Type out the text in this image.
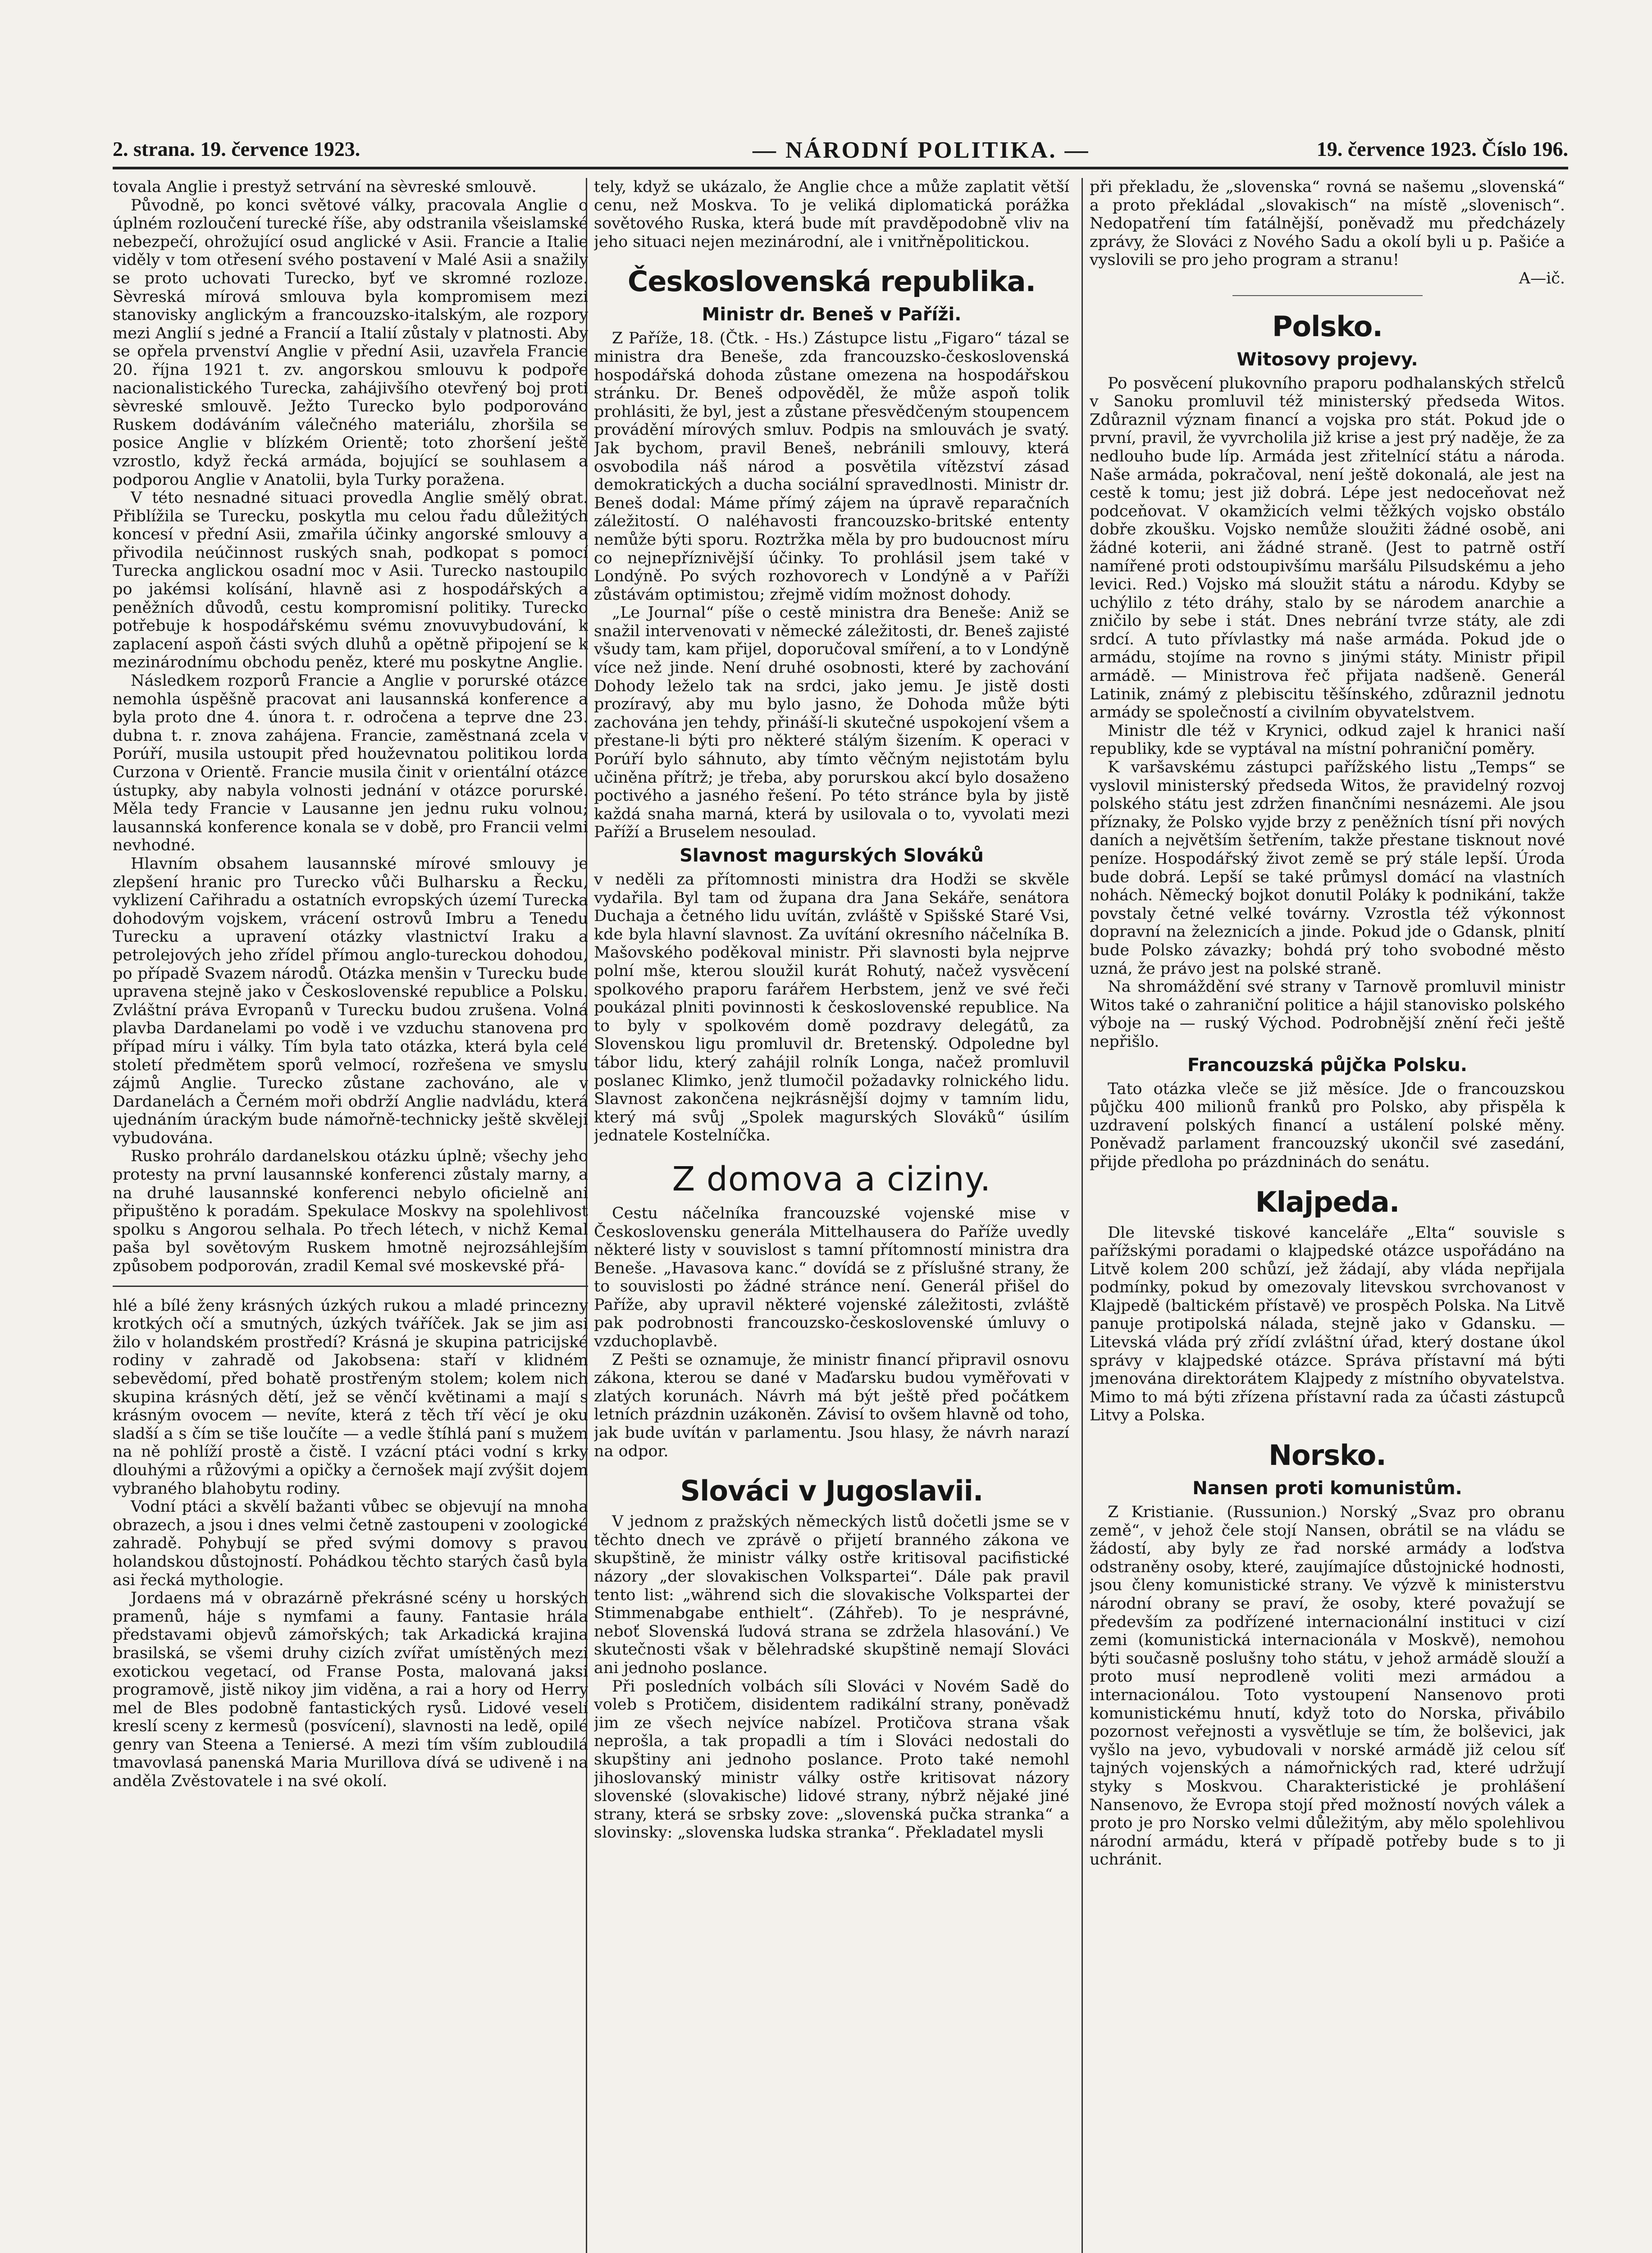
2. strana. 19. července 1923.	— NÁRODNÍ POLITIKA. —	19. července 1923. Číslo 196.

tovala Anglie i prestyž setrvání na sèvreské smlouvě.

Původně, po konci světové války, pracovala Anglie o úplném rozloučení turecké říše, aby odstranila všeislamské nebezpečí, ohrožující osud anglické v Asii. Francie a Italie viděly v tom otřesení svého postavení v Malé Asii a snažily se proto uchovati Turecko, byť ve skromné rozloze. Sèvreská mírová smlouva byla kompromisem mezi stanovisky anglickým a francouzsko-italským, ale rozpory mezi Anglií s jedné a Francií a Italií zůstaly v platnosti. Aby se opřela prvenství Anglie v přední Asii, uzavřela Francie 20. října 1921 t. zv. angorskou smlouvu k podpoře nacionalistického Turecka, zahájivšího otevřený boj proti sèvreské smlouvě. Ježto Turecko bylo podporováno Ruskem dodáváním válečného materiálu, zhoršila se posice Anglie v blízkém Orientě; toto zhoršení ještě vzrostlo, když řecká armáda, bojující se souhlasem a podporou Anglie v Anatolii, byla Turky poražena.

V této nesnadné situaci provedla Anglie smělý obrat. Přiblížila se Turecku, poskytla mu celou řadu důležitých koncesí v přední Asii, zmařila účinky angorské smlouvy a přivodila neúčinnost ruských snah, podkopat s pomocí Turecka anglickou osadní moc v Asii. Turecko nastoupilo po jakémsi kolísání, hlavně asi z hospodářských a peněžních důvodů, cestu kompromisní politiky. Turecko potřebuje k hospodářskému svému znovuvybudování, k zaplacení aspoň části svých dluhů a opětně připojení se k mezinárodnímu obchodu peněz, které mu poskytne Anglie.

Následkem rozporů Francie a Anglie v porurské otázce nemohla úspěšně pracovat ani lausannská konference a byla proto dne 4. února t. r. odročena a teprve dne 23. dubna t. r. znova zahájena. Francie, zaměstnaná zcela v Porúří, musila ustoupit před houževnatou politikou lorda Curzona v Orientě. Francie musila činit v orientální otázce ústupky, aby nabyla volnosti jednání v otázce porurské. Měla tedy Francie v Lausanne jen jednu ruku volnou; lausannská konference konala se v době, pro Francii velmi nevhodné.

Hlavním obsahem lausannské mírové smlouvy je zlepšení hranic pro Turecko vůči Bulharsku a Řecku, vyklizení Cařihradu a ostatních evropských území Turecka dohodovým vojskem, vrácení ostrovů Imbru a Tenedu Turecku a upravení otázky vlastnictví Iraku a petrolejových jeho zřídel přímou anglo-tureckou dohodou, po případě Svazem národů. Otázka menšin v Turecku bude upravena stejně jako v Československé republice a Polsku. Zvláštní práva Evropanů v Turecku budou zrušena. Volná plavba Dardanelami po vodě i ve vzduchu stanovena pro případ míru i války. Tím byla tato otázka, která byla celé století předmětem sporů velmocí, rozřešena ve smyslu zájmů Anglie. Turecko zůstane zachováno, ale v Dardanelách a Černém moři obdrží Anglie nadvládu, která ujednáním úrackým bude námořně-technicky ještě skvěleji vybudována.

Rusko prohrálo dardanelskou otázku úplně; všechy jeho protesty na první lausannské konferenci zůstaly marny, a na druhé lausannské konferenci nebylo oficielně ani připuštěno k poradám. Spekulace Moskvy na spolehlivost spolku s Angorou selhala. Po třech létech, v nichž Kemal paša byl sovětovým Ruskem hmotně nejrozsáhlejším způsobem podporován, zradil Kemal své moskevské přá-

hlé a bílé ženy krásných úzkých rukou a mladé princezny krotkých očí a smutných, úzkých tváříček. Jak se jim asi žilo v holandském prostředí? Krásná je skupina patricijské rodiny v zahradě od Jakobsena: staří v klidném sebevědomí, před bohatě prostřeným stolem; kolem nich skupina krásných dětí, jež se věnčí květinami a mají s krásným ovocem — nevíte, která z těch tří věcí je oku sladší a s čím se tiše loučíte — a vedle štíhlá paní s mužem na ně pohlíží prostě a čistě. I vzácní ptáci vodní s krky dlouhými a růžovými a opičky a černošek mají zvýšit dojem vybraného blahobytu rodiny.

Vodní ptáci a skvělí bažanti vůbec se objevují na mnoha obrazech, a jsou i dnes velmi četně zastoupeni v zoologické zahradě. Pohybují se před svými domovy s pravou holandskou důstojností. Pohádkou těchto starých časů byla asi řecká mythologie.

Jordaens má v obrazárně překrásné scény u horských pramenů, háje s nymfami a fauny. Fantasie hrála představami objevů zámořských; tak Arkadická krajina brasilská, se všemi druhy cizích zvířat umístěných mezi exotickou vegetací, od Franse Posta, malovaná jaksi programově, jistě nikoy jim viděna, a rai a hory od Herry mel de Bles podobně fantastických rysů. Lidové veselí kreslí sceny z kermesů (posvícení), slavnosti na ledě, opilé genry van Steena a Teniersé. A mezi tím vším zubloudilá tmavovlasá panenská Maria Murillova dívá se udiveně i na anděla Zvěstovatele i na své okolí.

tely, když se ukázalo, že Anglie chce a může zaplatit větší cenu, než Moskva. To je veliká diplomatická porážka sovětového Ruska, která bude mít pravděpodobně vliv na jeho situaci nejen mezinárodní, ale i vnitřněpolitickou.

Československá republika.
Ministr dr. Beneš v Paříži.

Z Paříže, 18. (Čtk. - Hs.) Zástupce listu „Figaro“ tázal se ministra dra Beneše, zda francouzsko-československá hospodářská dohoda zůstane omezena na hospodářskou stránku. Dr. Beneš odpověděl, že může aspoň tolik prohlásiti, že byl, jest a zůstane přesvědčeným stoupencem provádění mírových smluv. Podpis na smlouvách je svatý. Jak bychom, pravil Beneš, nebránili smlouvy, která osvobodila náš národ a posvětila vítězství zásad demokratických a ducha sociální spravedlnosti. Ministr dr. Beneš dodal: Máme přímý zájem na úpravě reparačních záležitostí. O naléhavosti francouzsko-britské ententy nemůže býti sporu. Roztržka měla by pro budoucnost míru co nejnepříznivější účinky. To prohlásil jsem také v Londýně. Po svých rozhovorech v Londýně a v Paříži zůstávám optimistou; zřejmě vidím možnost dohody.

„Le Journal“ píše o cestě ministra dra Beneše: Aniž se snažil intervenovati v německé záležitosti, dr. Beneš zajisté všudy tam, kam přijel, doporučoval smíření, a to v Londýně více než jinde. Není druhé osobnosti, které by zachování Dohody leželo tak na srdci, jako jemu. Je jistě dosti prozíravý, aby mu bylo jasno, že Dohoda může býti zachována jen tehdy, přináší-li skutečné uspokojení všem a přestane-li býti pro některé stálým šizením. K operaci v Porúří bylo sáhnuto, aby tímto věčným nejistotám bylu učiněna přítrž; je třeba, aby porurskou akcí bylo dosaženo poctivého a jasného řešení. Po této stránce byla by jistě každá snaha marná, která by usilovala o to, vyvolati mezi Paříží a Bruselem nesoulad.

Slavnost magurských Slováků

v neděli za přítomnosti ministra dra Hodži se skvěle vydařila. Byl tam od župana dra Jana Sekáře, senátora Duchaja a četného lidu uvítán, zvláště v Spišské Staré Vsi, kde byla hlavní slavnost. Za uvítání okresního náčelníka B. Mašovského poděkoval ministr. Při slavnosti byla nejprve polní mše, kterou sloužil kurát Rohutý, načež vysvěcení spolkového praporu farářem Herbstem, jenž ve své řeči poukázal plniti povinnosti k československé republice. Na to byly v spolkovém domě pozdravy delegátů, za Slovenskou ligu promluvil dr. Bretenský. Odpoledne byl tábor lidu, který zahájil rolník Longa, načež promluvil poslanec Klimko, jenž tlumočil požadavky rolnického lidu. Slavnost zakončena nejkrásnější dojmy v tamním lidu, který má svůj „Spolek magurských Slováků“ úsilím jednatele Kostelníčka.

Z domova a ciziny.

Cestu náčelníka francouzské vojenské mise v Československu generála Mittelhausera do Paříže uvedly některé listy v souvislost s tamní přítomností ministra dra Beneše. „Havasova kanc.“ dovídá se z příslušné strany, že to souvislosti po žádné stránce není. Generál přišel do Paříže, aby upravil některé vojenské záležitosti, zvláště pak podrobnosti francouzsko-československé úmluvy o vzduchoplavbě.

Z Pešti se oznamuje, že ministr financí připravil osnovu zákona, kterou se dané v Maďarsku budou vyměřovati v zlatých korunách. Návrh má být ještě před počátkem letních prázdnin uzákoněn. Závisí to ovšem hlavně od toho, jak bude uvítán v parlamentu. Jsou hlasy, že návrh narazí na odpor.

Slováci v Jugoslavii.

V jednom z pražských německých listů dočetli jsme se v těchto dnech ve zprávě o přijetí branného zákona ve skupštině, že ministr války ostře kritisoval pacifistické názory „der slovakischen Volkspartei“. Dále pak pravil tento list: „während sich die slovakische Volkspartei der Stimmenabgabe enthielt“. (Záhřeb). To je nesprávné, neboť Slovenská ľudová strana se zdržela hlasování.) Ve skutečnosti však v bělehradské skupštině nemají Slováci ani jednoho poslance.

Při posledních volbách síli Slováci v Novém Sadě do voleb s Protičem, disidentem radikální strany, poněvadž jim ze všech nejvíce nabízel. Protičova strana však neprošla, a tak propadli a tím i Slováci nedostali do skupštiny ani jednoho poslance. Proto také nemohl jihoslovanský ministr války ostře kritisovat názory slovenské (slovakische) lidové strany, nýbrž nějaké jiné strany, která se srbsky zove: „slovenská pučka stranka“ a slovinsky: „slovenska ludska stranka“. Překladatel mysli

při překladu, že „slovenska“ rovná se našemu „slovenská“ a proto překládal „slovakisch“ na místě „slovenisch“. Nedopatření tím fatálnější, poněvadž mu předcházely zprávy, že Slováci z Nového Sadu a okolí byli u p. Pašiće a vyslovili se pro jeho program a stranu!

A—ič.

Polsko.
Witosovy projevy.

Po posvěcení plukovního praporu podhalanských střelců v Sanoku promluvil též ministerský předseda Witos. Zdůraznil význam financí a vojska pro stát. Pokud jde o první, pravil, že vyvrcholila již krise a jest prý naděje, že za nedlouho bude líp. Armáda jest zřitelnící státu a národa. Naše armáda, pokračoval, není ještě dokonalá, ale jest na cestě k tomu; jest již dobrá. Lépe jest nedoceňovat než podceňovat. V okamžicích velmi těžkých vojsko obstálo dobře zkoušku. Vojsko nemůže sloužiti žádné osobě, ani žádné koterii, ani žádné straně. (Jest to patrně ostří namířené proti odstoupivšímu maršálu Pilsudskému a jeho levici. Red.) Vojsko má sloužit státu a národu. Kdyby se uchýlilo z této dráhy, stalo by se národem anarchie a zničilo by sebe i stát. Dnes nebrání tvrze státy, ale zdi srdcí. A tuto přívlastky má naše armáda. Pokud jde o armádu, stojíme na rovno s jinými státy. Ministr připil armádě. — Ministrova řeč přijata nadšeně. Generál Latinik, známý z plebiscitu těšínského, zdůraznil jednotu armády se společností a civilním obyvatelstvem.

Ministr dle též v Krynici, odkud zajel k hranici naší republiky, kde se vyptával na místní pohraniční poměry.

K varšavskému zástupci pařížského listu „Temps“ se vyslovil ministerský předseda Witos, že pravidelný rozvoj polského státu jest zdržen finančními nesnázemi. Ale jsou příznaky, že Polsko vyjde brzy z peněžních tísní při nových daních a největším šetřením, takže přestane tisknout nové peníze. Hospodářský život země se prý stále lepší. Úroda bude dobrá. Lepší se také průmysl domácí na vlastních nohách. Německý bojkot donutil Poláky k podnikání, takže povstaly četné velké továrny. Vzrostla též výkonnost dopravní na železnicích a jinde. Pokud jde o Gdansk, plnití bude Polsko závazky; bohdá prý toho svobodné město uzná, že právo jest na polské straně.

Na shromáždění své strany v Tarnově promluvil ministr Witos také o zahraniční politice a hájil stanovisko polského výboje na — ruský Východ. Podrobnější znění řeči ještě nepřišlo.

Francouzská půjčka Polsku.

Tato otázka vleče se již měsíce. Jde o francouzskou půjčku 400 milionů franků pro Polsko, aby přispěla k uzdravení polských financí a ustálení polské měny. Poněvadž parlament francouzský ukončil své zasedání, přijde předloha po prázdninách do senátu.

Klajpeda.

Dle litevské tiskové kanceláře „Elta“ souvisle s pařížskými poradami o klajpedské otázce uspořádáno na Litvě kolem 200 schůzí, jež žádají, aby vláda nepřijala podmínky, pokud by omezovaly litevskou svrchovanost v Klajpedě (baltickém přístavě) ve prospěch Polska. Na Litvě panuje protipolská nálada, stejně jako v Gdansku. — Litevská vláda prý zřídí zvláštní úřad, který dostane úkol správy v klajpedské otázce. Správa přístavní má býti jmenována direktorátem Klajpedy z místního obyvatelstva. Mimo to má býti zřízena přístavní rada za účasti zástupců Litvy a Polska.

Norsko.
Nansen proti komunistům.

Z Kristianie. (Russunion.) Norský „Svaz pro obranu země“, v jehož čele stojí Nansen, obrátil se na vládu se žádostí, aby byly ze řad norské armády a loďstva odstraněny osoby, které, zaujímajíce důstojnické hodnosti, jsou členy komunistické strany. Ve výzvě k ministerstvu národní obrany se praví, že osoby, které považují se především za podřízené internacionální instituci v cizí zemi (komunistická internacionála v Moskvě), nemohou býti současně poslušny toho státu, v jehož armádě slouží a proto musí neprodleně voliti mezi armádou a internacionálou. Toto vystoupení Nansenovo proti komunistickému hnutí, když toto do Norska, přivábilo pozornost veřejnosti a vysvětluje se tím, že bolševici, jak vyšlo na jevo, vybudovali v norské armádě již celou síť tajných vojenských a námořnických rad, které udržují styky s Moskvou. Charakteristické je prohlášení Nansenovo, že Evropa stojí před možností nových válek a proto je pro Norsko velmi důležitým, aby mělo spolehlivou národní armádu, která v případě potřeby bude s to ji uchránit.
